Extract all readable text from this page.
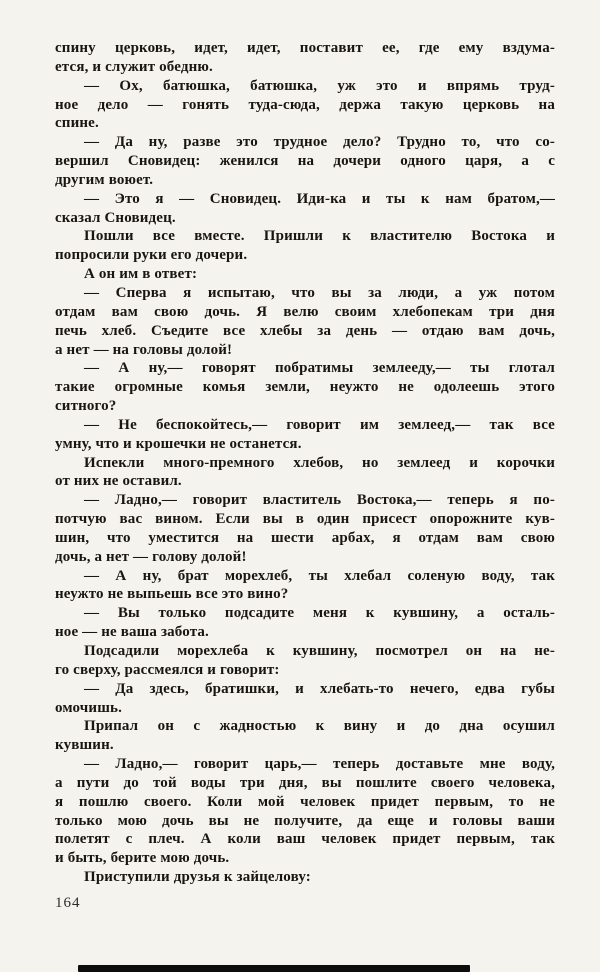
спину церковь, идет, идет, поставит ее, где ему вздума-
ется, и служит обедню.
— Ох, батюшка, батюшка, уж это и впрямь труд-
ное дело — гонять туда-сюда, держа такую церковь на
спине.
— Да ну, разве это трудное дело? Трудно то, что со-
вершил Сновидец: женился на дочери одного царя, а с
другим воюет.
— Это я — Сновидец. Иди-ка и ты к нам братом,—
сказал Сновидец.
Пошли все вместе. Пришли к властителю Востока и
попросили руки его дочери.
А он им в ответ:
— Сперва я испытаю, что вы за люди, а уж потом
отдам вам свою дочь. Я велю своим хлебопекам три дня
печь хлеб. Съедите все хлебы за день — отдаю вам дочь,
а нет — на головы долой!
— А ну,— говорят побратимы землееду,— ты глотал
такие огромные комья земли, неужто не одолеешь этого
ситного?
— Не беспокойтесь,— говорит им землеед,— так все
умну, что и крошечки не останется.
Испекли много-премного хлебов, но землеед и корочки
от них не оставил.
— Ладно,— говорит властитель Востока,— теперь я по-
потчую вас вином. Если вы в один присест опорожните кув-
шин, что уместится на шести арбах, я отдам вам свою
дочь, а нет — голову долой!
— А ну, брат морехлеб, ты хлебал соленую воду, так
неужто не выпьешь все это вино?
— Вы только подсадите меня к кувшину, а осталь-
ное — не ваша забота.
Подсадили морехлеба к кувшину, посмотрел он на не-
го сверху, рассмеялся и говорит:
— Да здесь, братишки, и хлебать-то нечего, едва губы
омочишь.
Припал он с жадностью к вину и до дна осушил
кувшин.
— Ладно,— говорит царь,— теперь доставьте мне воду,
а пути до той воды три дня, вы пошлите своего человека,
я пошлю своего. Коли мой человек придет первым, то не
только мою дочь вы не получите, да еще и головы ваши
полетят с плеч. А коли ваш человек придет первым, так
и быть, берите мою дочь.
Приступили друзья к зайцелову:
164
